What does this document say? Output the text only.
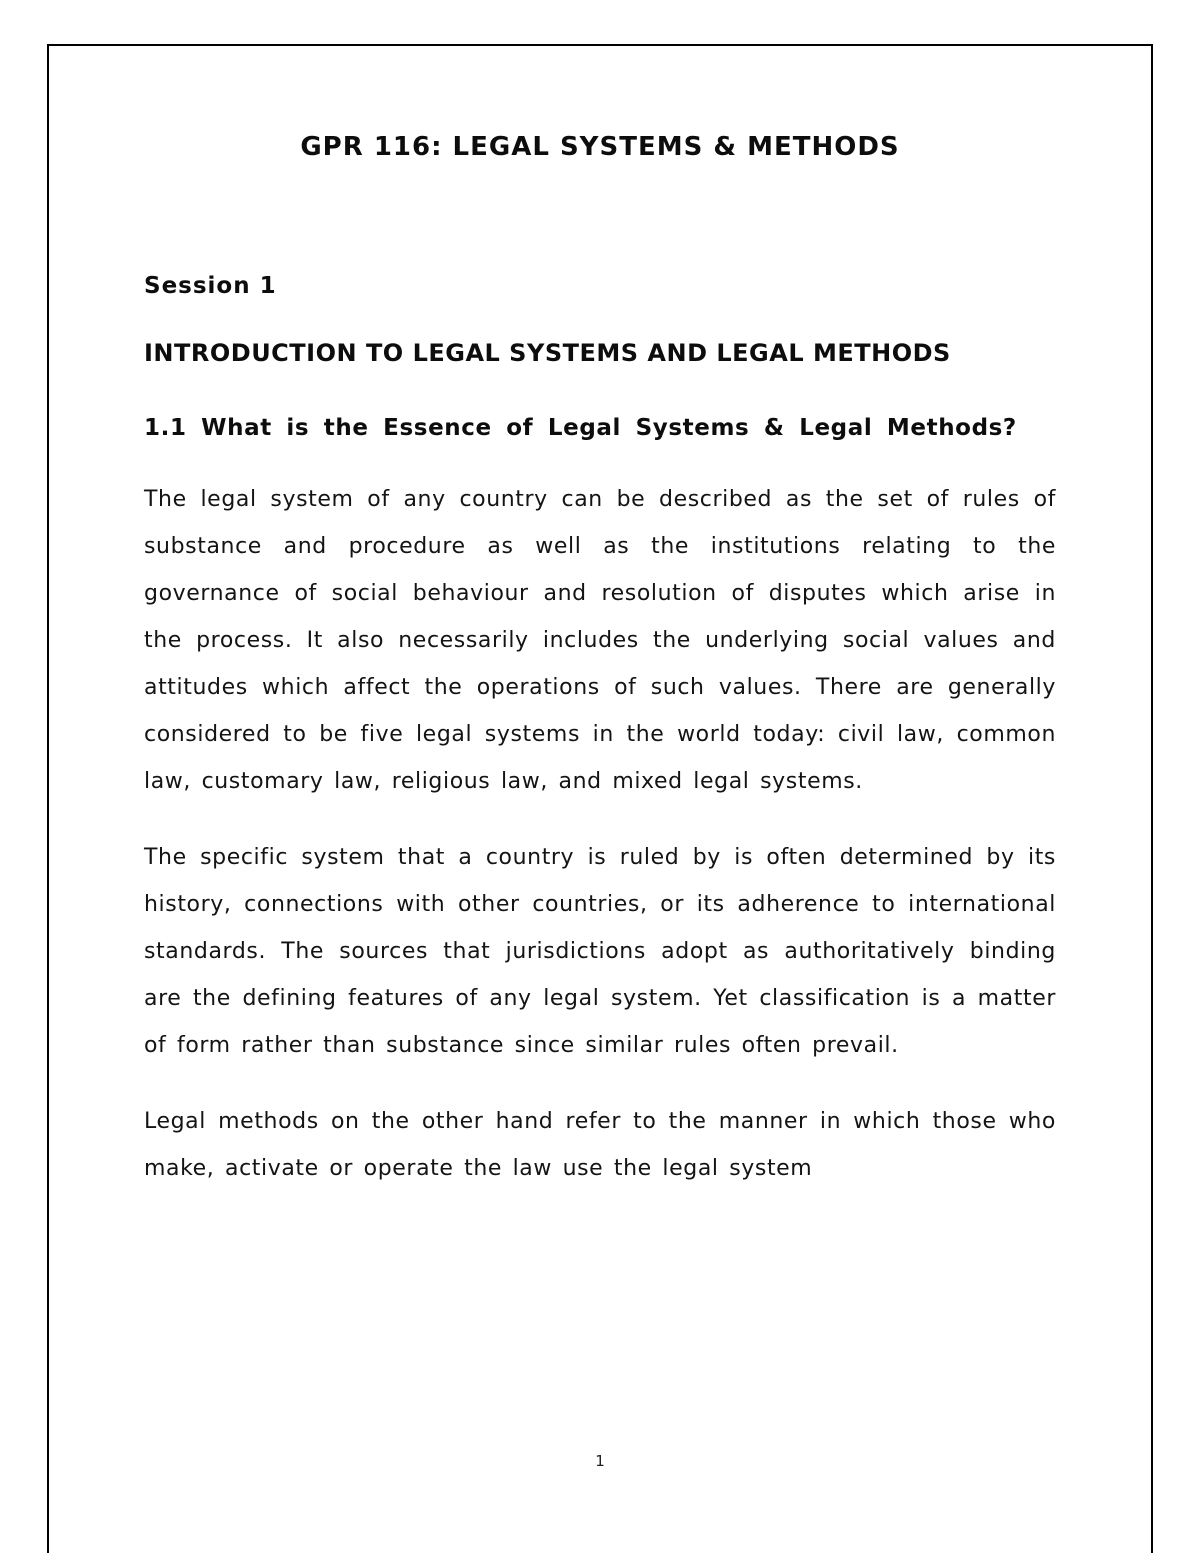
GPR 116: LEGAL SYSTEMS & METHODS
Session 1
INTRODUCTION TO LEGAL SYSTEMS AND LEGAL METHODS
1.1 What is the Essence of Legal Systems & Legal Methods?

The legal system of any country can be described as the set of rules of substance and procedure as well as the institutions relating to the governance of social behaviour and resolution of disputes which arise in the process. It also necessarily includes the underlying social values and attitudes which affect the operations of such values. There are generally considered to be five legal systems in the world today: civil law, common law, customary law, religious law, and mixed legal systems.

The specific system that a country is ruled by is often determined by its history, connections with other countries, or its adherence to international standards. The sources that jurisdictions adopt as authoritatively binding are the defining features of any legal system. Yet classification is a matter of form rather than substance since similar rules often prevail.

Legal methods on the other hand refer to the manner in which those who make, activate or operate the law use the legal system

1
